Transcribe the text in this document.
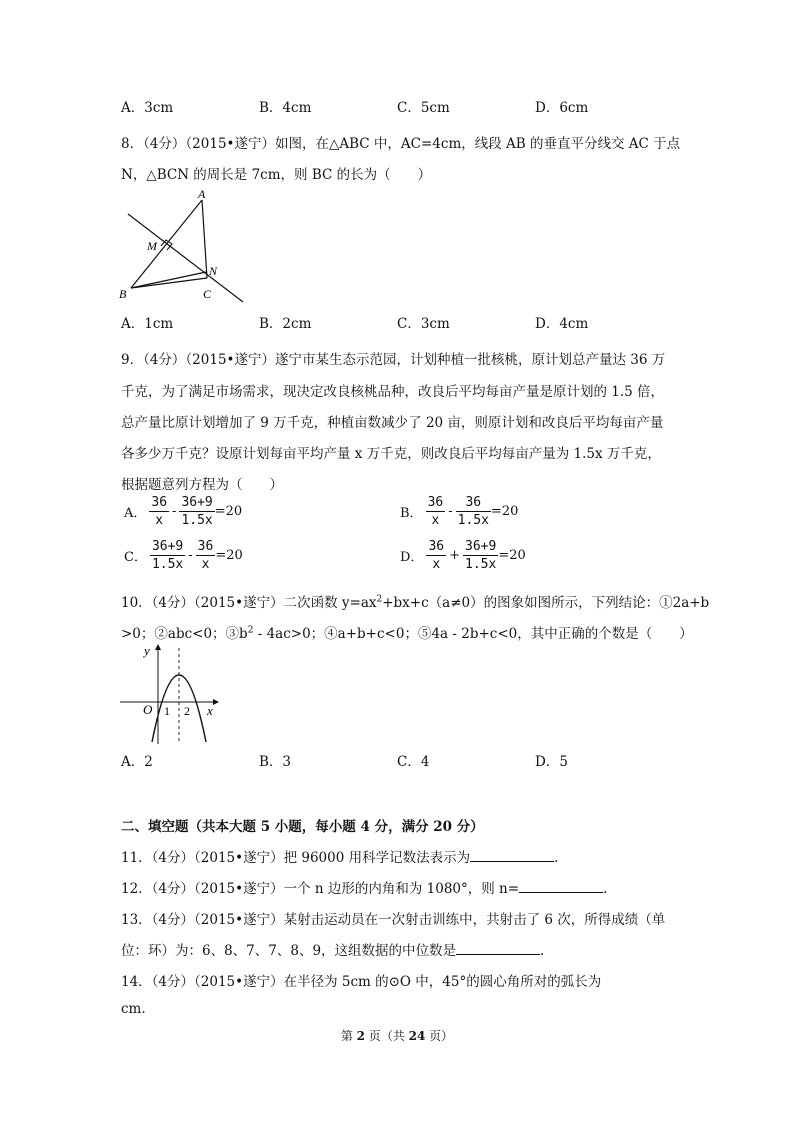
A．3cm	B．4cm	C．5cm	D．6cm
8．（4分）（2015•遂宁）如图，在△ABC 中，AC=4cm，线段 AB 的垂直平分线交 AC 于点
N，△BCN 的周长是 7cm，则 BC 的长为（　　）
A
M
N
B	C
A．1cm	B．2cm	C．3cm	D．4cm
9．（4分）（2015•遂宁）遂宁市某生态示范园，计划种植一批核桃，原计划总产量达 36 万
千克，为了满足市场需求，现决定改良核桃品种，改良后平均每亩产量是原计划的 1.5 倍，
总产量比原计划增加了 9 万千克，种植亩数减少了 20 亩，则原计划和改良后平均每亩产量
各多少万千克？设原计划每亩平均产量 x 万千克，则改良后平均每亩产量为 1.5x 万千克，
根据题意列方程为（　　）
A． $\frac{36}{x} - \frac{36+9}{1.5x} =20$	B． $\frac{36}{x} - \frac{36}{1.5x} =20$
C． $\frac{36+9}{1.5x} - \frac{36}{x} =20$	D． $\frac{36}{x} + \frac{36+9}{1.5x} =20$
10．（4分）（2015•遂宁）二次函数 $y=ax^2+bx+c(a\ne 0)$的图象如图所示，下列结论：①2a+b
>0；②abc<0；$③b^2 - 4ac>0$；④a+b+c<0；⑤4a - 2b+c<0，其中正确的个数是（　　）
y
x
O 1 2
A．2	B．3	C．4	D．5
二、填空题（共本大题 5 小题，每小题 4 分，满分 20 分）
11．（4分）（2015•遂宁）把 96000 用科学记数法表示为	.
12．（4分）（2015•遂宁）一个 n 边形的内角和为 1080°，则 n=	.
13．（4分）（2015•遂宁）某射击运动员在一次射击训练中，共射击了 6 次，所得成绩（单
位：环）为：6、8、7、7、8、9，这组数据的中位数是	.
14．（4分）（2015•遂宁）在半径为 5cm 的⊙O 中，45°的圆心角所对的弧长为
cm.
第 2 页（共 24 页）
